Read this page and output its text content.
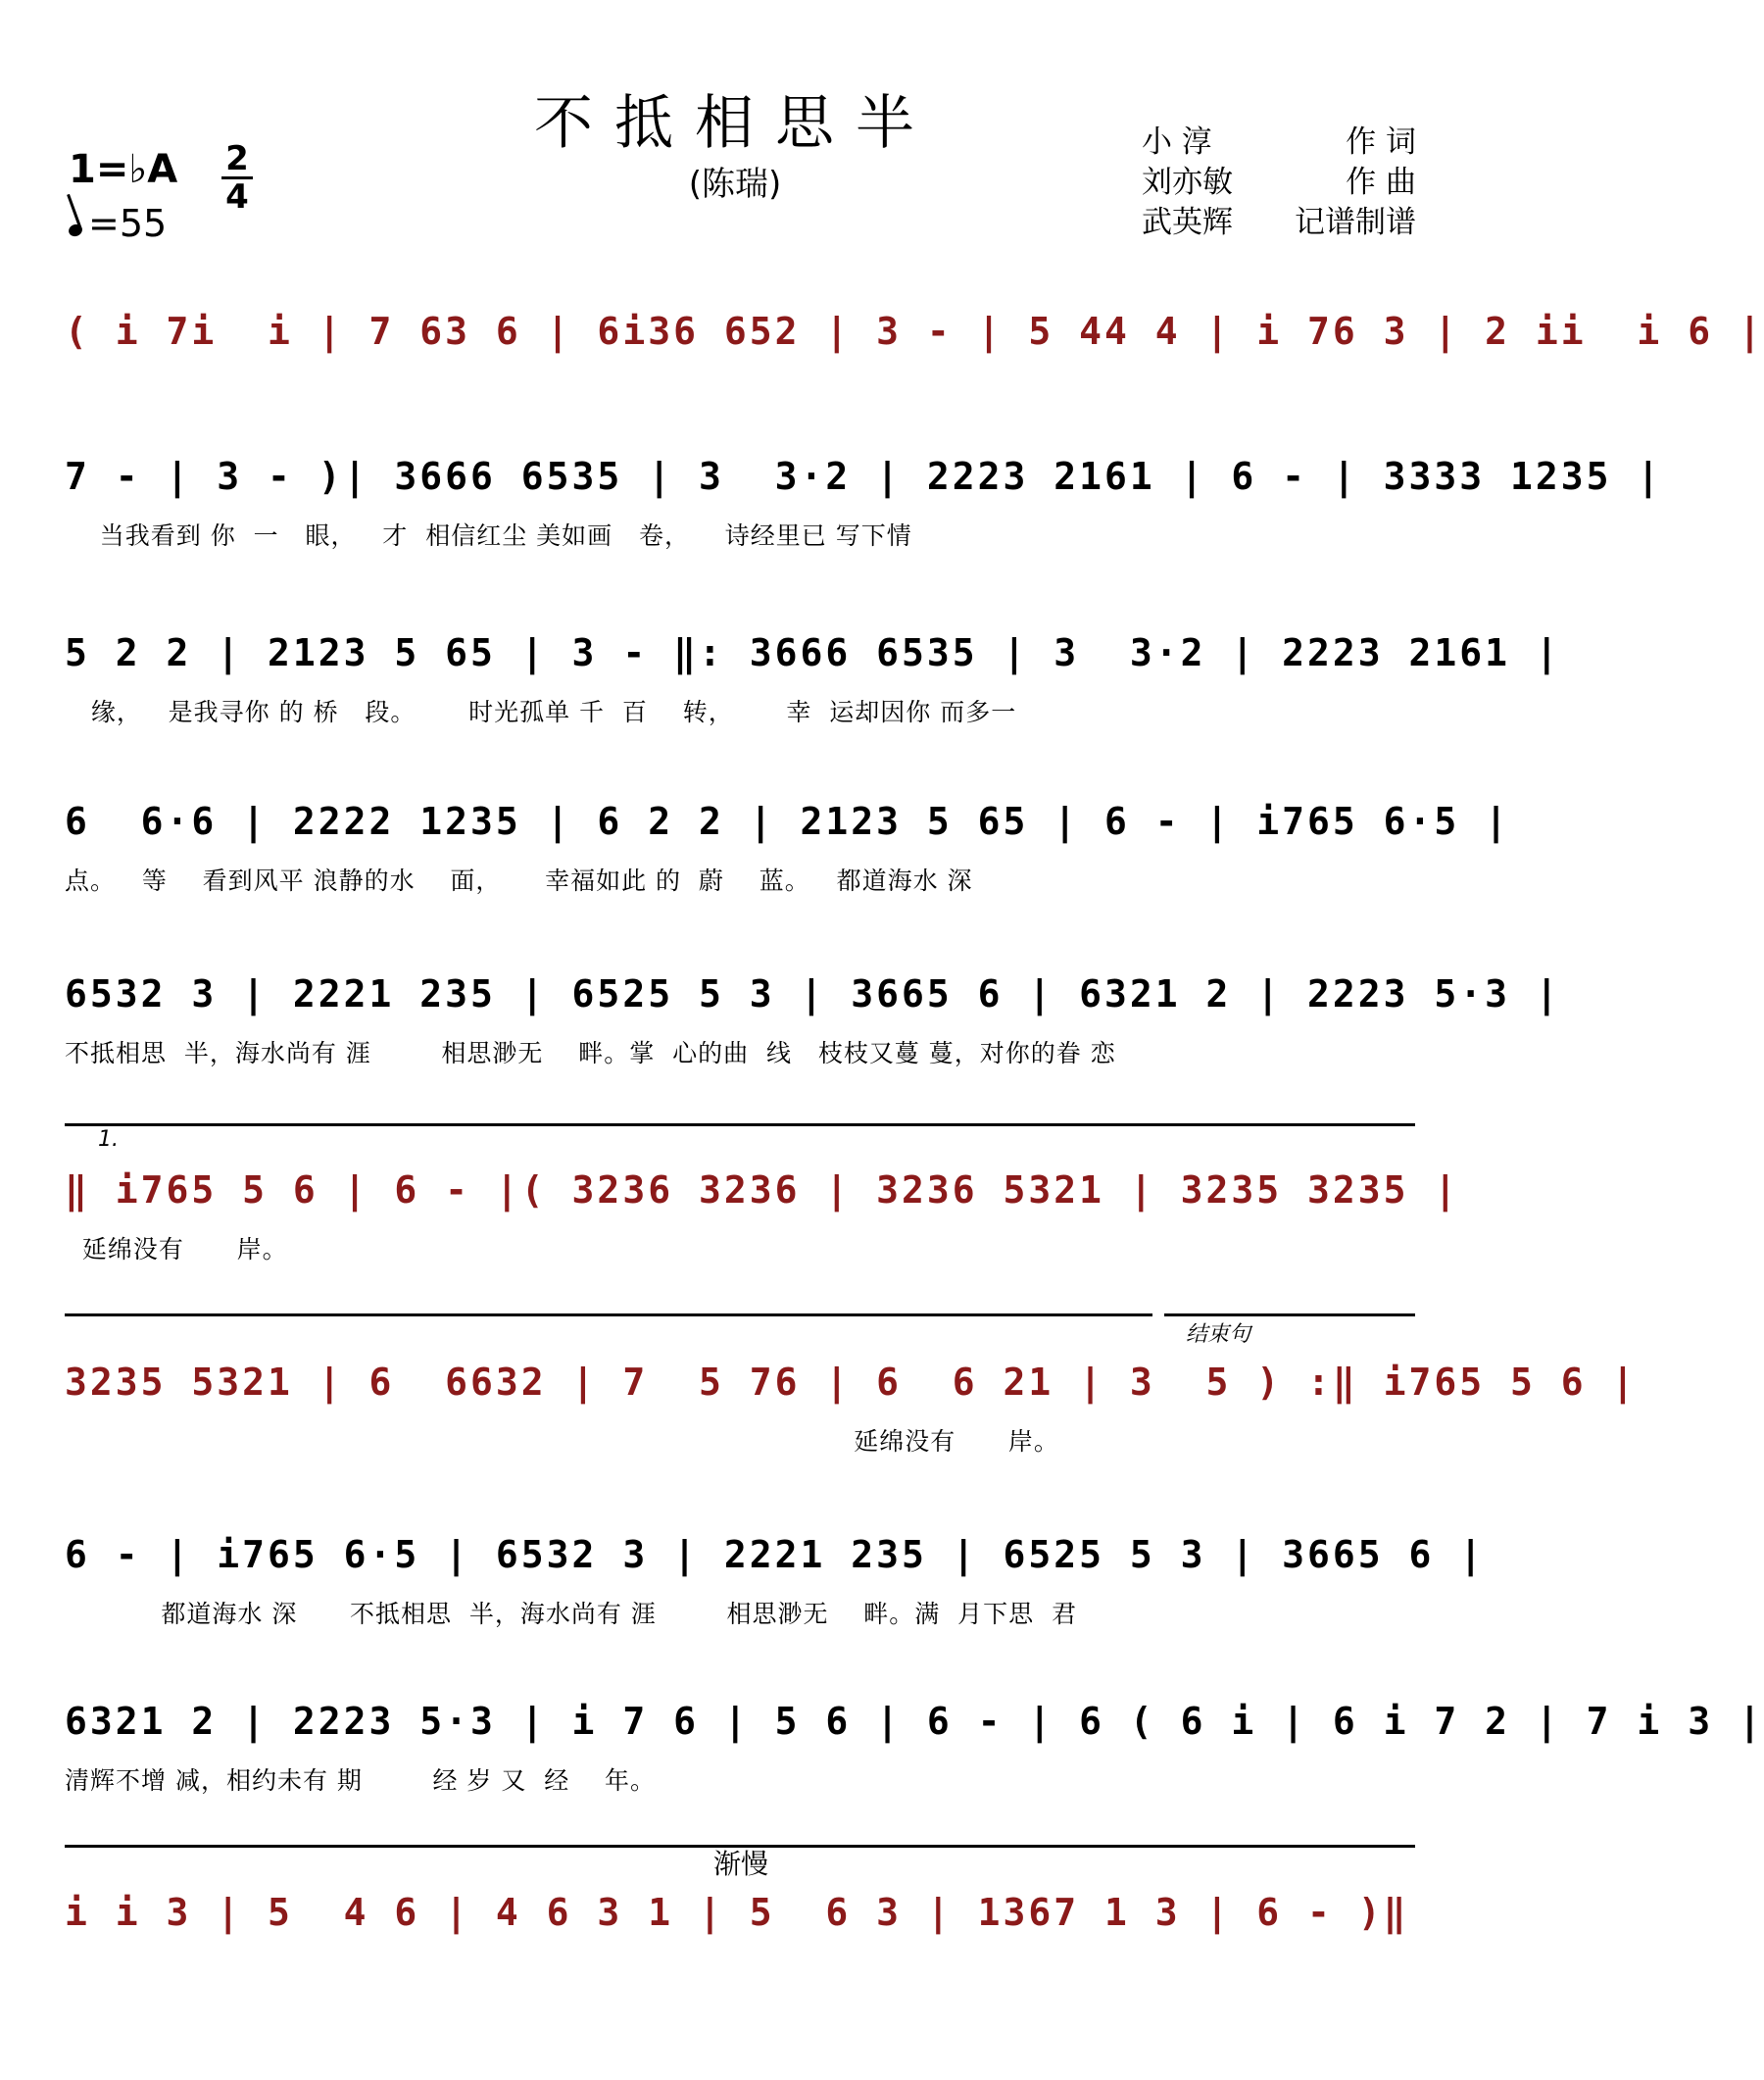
不抵相思半
(陈瑞)
小 淳	作 词
刘亦敏	作 曲
武英辉 记谱制谱
1=♭A 2
4
=55
( i 7i  i | 7 63 6 | 6i36 652 | 3 - | 5 44 4 | i 76 3 | 2 ii  i 6 |
7 - | 3 - )| 3666 6535 | 3  3·2 | 2223 2161 | 6 - | 3333 1235 |
当我看到 你  一   眼，   才  相信红尘 美如画   卷，    诗经里已 写下情
5 2 2 | 2123 5 65 | 3 - ‖: 3666 6535 | 3  3·2 | 2223 2161 |
缘，   是我寻你 的 桥   段。      时光孤单 千  百    转，      幸  运却因你 而多一
6  6·6 | 2222 1235 | 6 2 2 | 2123 5 65 | 6 - | i765 6·5 |
点。   等    看到风平 浪静的水    面，     幸福如此 的  蔚    蓝。   都道海水 深
6532 3 | 2221 235 | 6525 5 3 | 3665 6 | 6321 2 | 2223 5·3 |
不抵相思  半，海水尚有 涯        相思渺无    畔。掌  心的曲  线   枝枝又蔓 蔓，对你的眷 恋
1.
‖ i765 5 6 | 6 - |( 3236 3236 | 3236 5321 | 3235 3235 |
延绵没有      岸。
结束句
3235 5321 | 6  6632 | 7  5 76 | 6  6 21 | 3  5 ) :‖ i765 5 6 |
延绵没有      岸。
6 - | i765 6·5 | 6532 3 | 2221 235 | 6525 5 3 | 3665 6 |
都道海水 深      不抵相思  半，海水尚有 涯        相思渺无    畔。满  月下思  君
6321 2 | 2223 5·3 | i 7 6 | 5 6 | 6 - | 6 ( 6 i | 6 i 7 2 | 7 i 3 |
清辉不增 减，相约未有 期        经 岁 又  经    年。
渐慢
i i 3 | 5  4 6 | 4 6 3 1 | 5  6 3 | 1367 1 3 | 6 - )‖
